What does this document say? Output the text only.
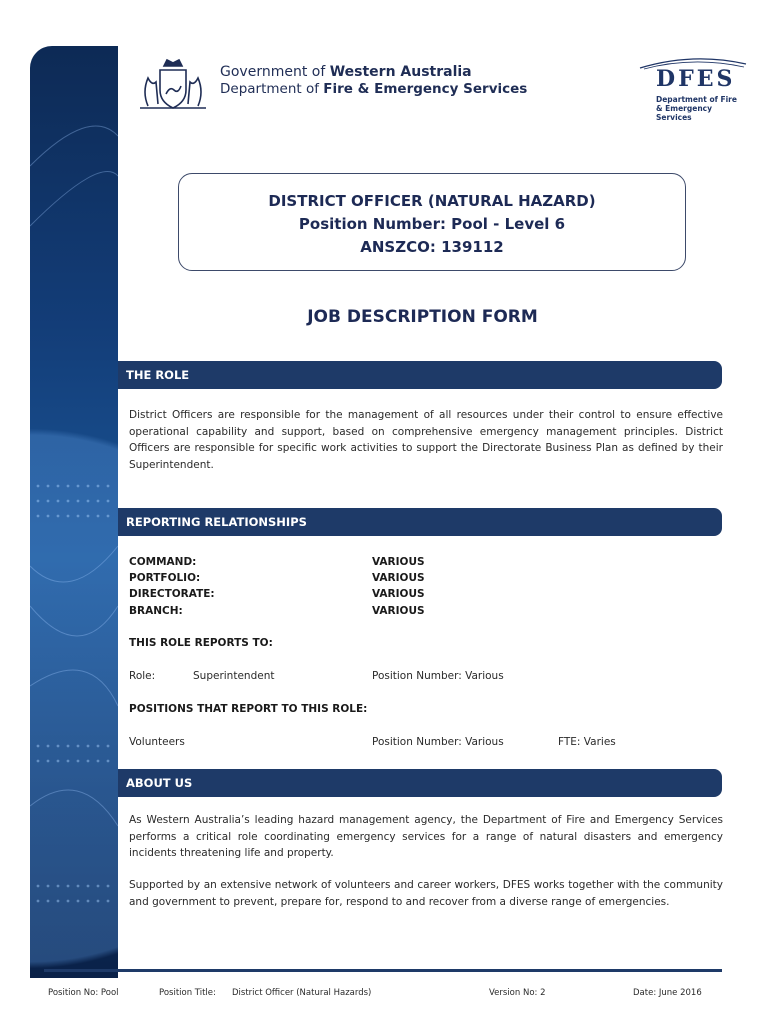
Government of Western Australia
Department of Fire & Emergency Services	DFES
Department of Fire & Emergency Services
DISTRICT OFFICER (NATURAL HAZARD)
Position Number: Pool - Level 6
ANSZCO: 139112
JOB DESCRIPTION FORM
THE ROLE
District Officers are responsible for the management of all resources under their control to ensure effective operational capability and support, based on comprehensive emergency management principles. District Officers are responsible for specific work activities to support the Directorate Business Plan as defined by their Superintendent.
REPORTING RELATIONSHIPS
COMMAND:	VARIOUS
PORTFOLIO:	VARIOUS
DIRECTORATE:	VARIOUS
BRANCH:	VARIOUS
THIS ROLE REPORTS TO:
Role:	Superintendent	Position Number: Various
POSITIONS THAT REPORT TO THIS ROLE:
Volunteers	Position Number: Various	FTE: Varies
ABOUT US
As Western Australia’s leading hazard management agency, the Department of Fire and Emergency Services performs a critical role coordinating emergency services for a range of natural disasters and emergency incidents threatening life and property.
Supported by an extensive network of volunteers and career workers, DFES works together with the community and government to prevent, prepare for, respond to and recover from a diverse range of emergencies.
Position No: Pool	Position Title: District Officer (Natural Hazards)	Version No: 2	Date: June 2016
